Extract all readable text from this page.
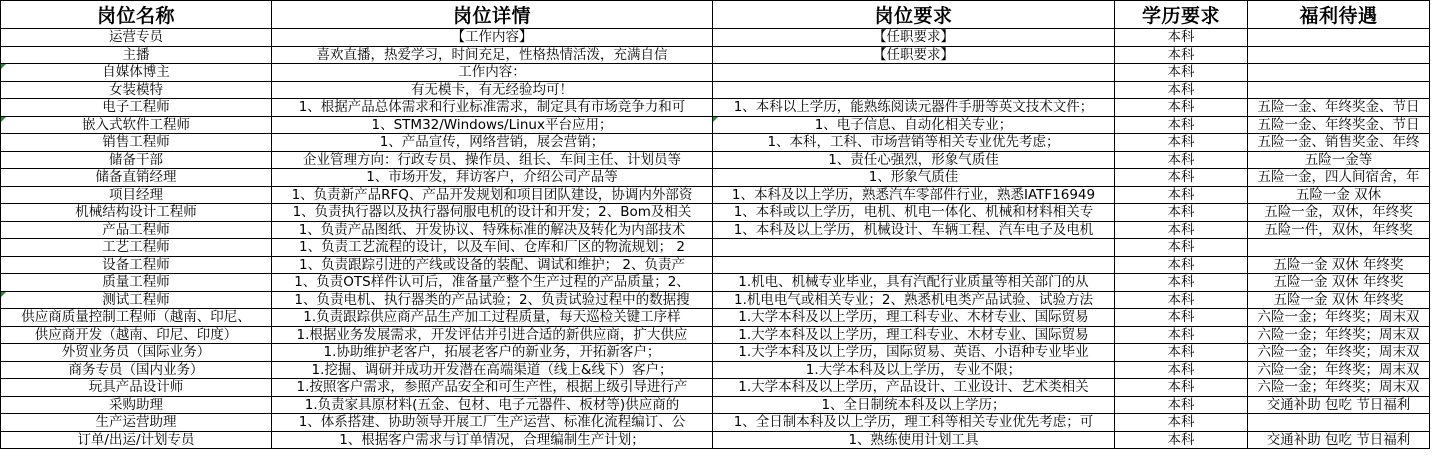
岗位名称	岗位详情	岗位要求	学历要求	福利待遇	
运营专员	【工作内容】	【任职要求】	本科		
主播	喜欢直播，热爱学习，时间充足，性格热情活泼，充满自信	【任职要求】	本科		
自媒体博主	工作内容：		本科		
女装模特	有无模卡，有无经验均可！		本科		
电子工程师	1、根据产品总体需求和行业标准需求，制定具有市场竞争力和可	1、本科以上学历，能熟练阅读元器件手册等英文技术文件；	本科	五险一金、年终奖金、节日	
嵌入式软件工程师	1、STM32/Windows/Linux平台应用；	1、电子信息、自动化相关专业；	本科	五险一金、年终奖金、节日	
销售工程师	1、产品宣传，网络营销，展会营销；	1、本科，工科、市场营销等相关专业优先考虑；	本科	五险一金、销售奖金、年终	
储备干部	企业管理方向：行政专员、操作员、组长、车间主任、计划员等	1、责任心强烈，形象气质佳	本科	五险一金等	
储备直销经理	1、市场开发，拜访客户，介绍公司产品等	1、形象气质佳	本科	五险一金，四人间宿舍，年	
项目经理	1、负责新产品RFQ、产品开发规划和项目团队建设，协调内外部资	1、本科及以上学历，熟悉汽车零部件行业，熟悉IATF16949	本科	五险一金 双休	
机械结构设计工程师	1、负责执行器以及执行器伺服电机的设计和开发；2、Bom及相关	1、本科或以上学历，电机、机电一体化、机械和材料相关专	本科	五险一金，双休，年终奖	
产品工程师	1、负责产品图纸、开发协议、特殊标准的解决及转化为内部技术	1、本科及以上学历，机械设计、车辆工程、汽车电子及电机	本科	五险一件，双休，年终奖	
工艺工程师	1、负责工艺流程的设计，以及车间、仓库和厂区的物流规划； 2		本科		
设备工程师	1、负责跟踪引进的产线或设备的装配、调试和维护； 2、负责产		本科	五险一金 双休 年终奖	
质量工程师	1、负责OTS样件认可后，准备量产整个生产过程的产品质量；2、	1.机电、机械专业毕业，具有汽配行业质量等相关部门的从	本科	五险一金 双休 年终奖	
测试工程师	1、负责电机、执行器类的产品试验；2、负责试验过程中的数据搜	1.机电电气或相关专业；2、熟悉机电类产品试验、试验方法	本科	五险一金 双休 年终奖	
供应商质量控制工程师（越南、印尼、	1.负责跟踪供应商产品生产加工过程质量，每天巡检关键工序样	1.大学本科及以上学历，理工科专业、木材专业、国际贸易	本科	六险一金；年终奖；周末双	
供应商开发（越南、印尼、印度）	1.根据业务发展需求，开发评估并引进合适的新供应商，扩大供应	1.大学本科及以上学历，理工科专业、木材专业、国际贸易	本科	六险一金；年终奖；周末双	
外贸业务员（国际业务）	1.协助维护老客户，拓展老客户的新业务，开拓新客户；	1.大学本科及以上学历，国际贸易、英语、小语种专业毕业	本科	六险一金；年终奖；周末双	
商务专员（国内业务）	1.挖掘、调研并成功开发潜在高端渠道（线上&线下）客户；	1.大学本科及以上学历，专业不限；	本科	六险一金；年终奖；周末双	
玩具产品设计师	1.按照客户需求，参照产品安全和可生产性，根据上级引导进行产	1.大学本科及以上学历，产品设计、工业设计、艺术类相关	本科	六险一金；年终奖；周末双	
采购助理	1.负责家具原材料(五金、包材、电子元器件、板材等)供应商的	1、全日制统本科及以上学历；	本科	交通补助 包吃 节日福利	
生产运营助理	1、体系搭建、协助领导开展工厂生产运营、标准化流程编订、公	1、全日制本科及以上学历，理工科等相关专业优先考虑；可	本科		
订单/出运/计划专员	1、根据客户需求与订单情况，合理编制生产计划；	1、熟练使用计划工具	本科	交通补助 包吃 节日福利	
